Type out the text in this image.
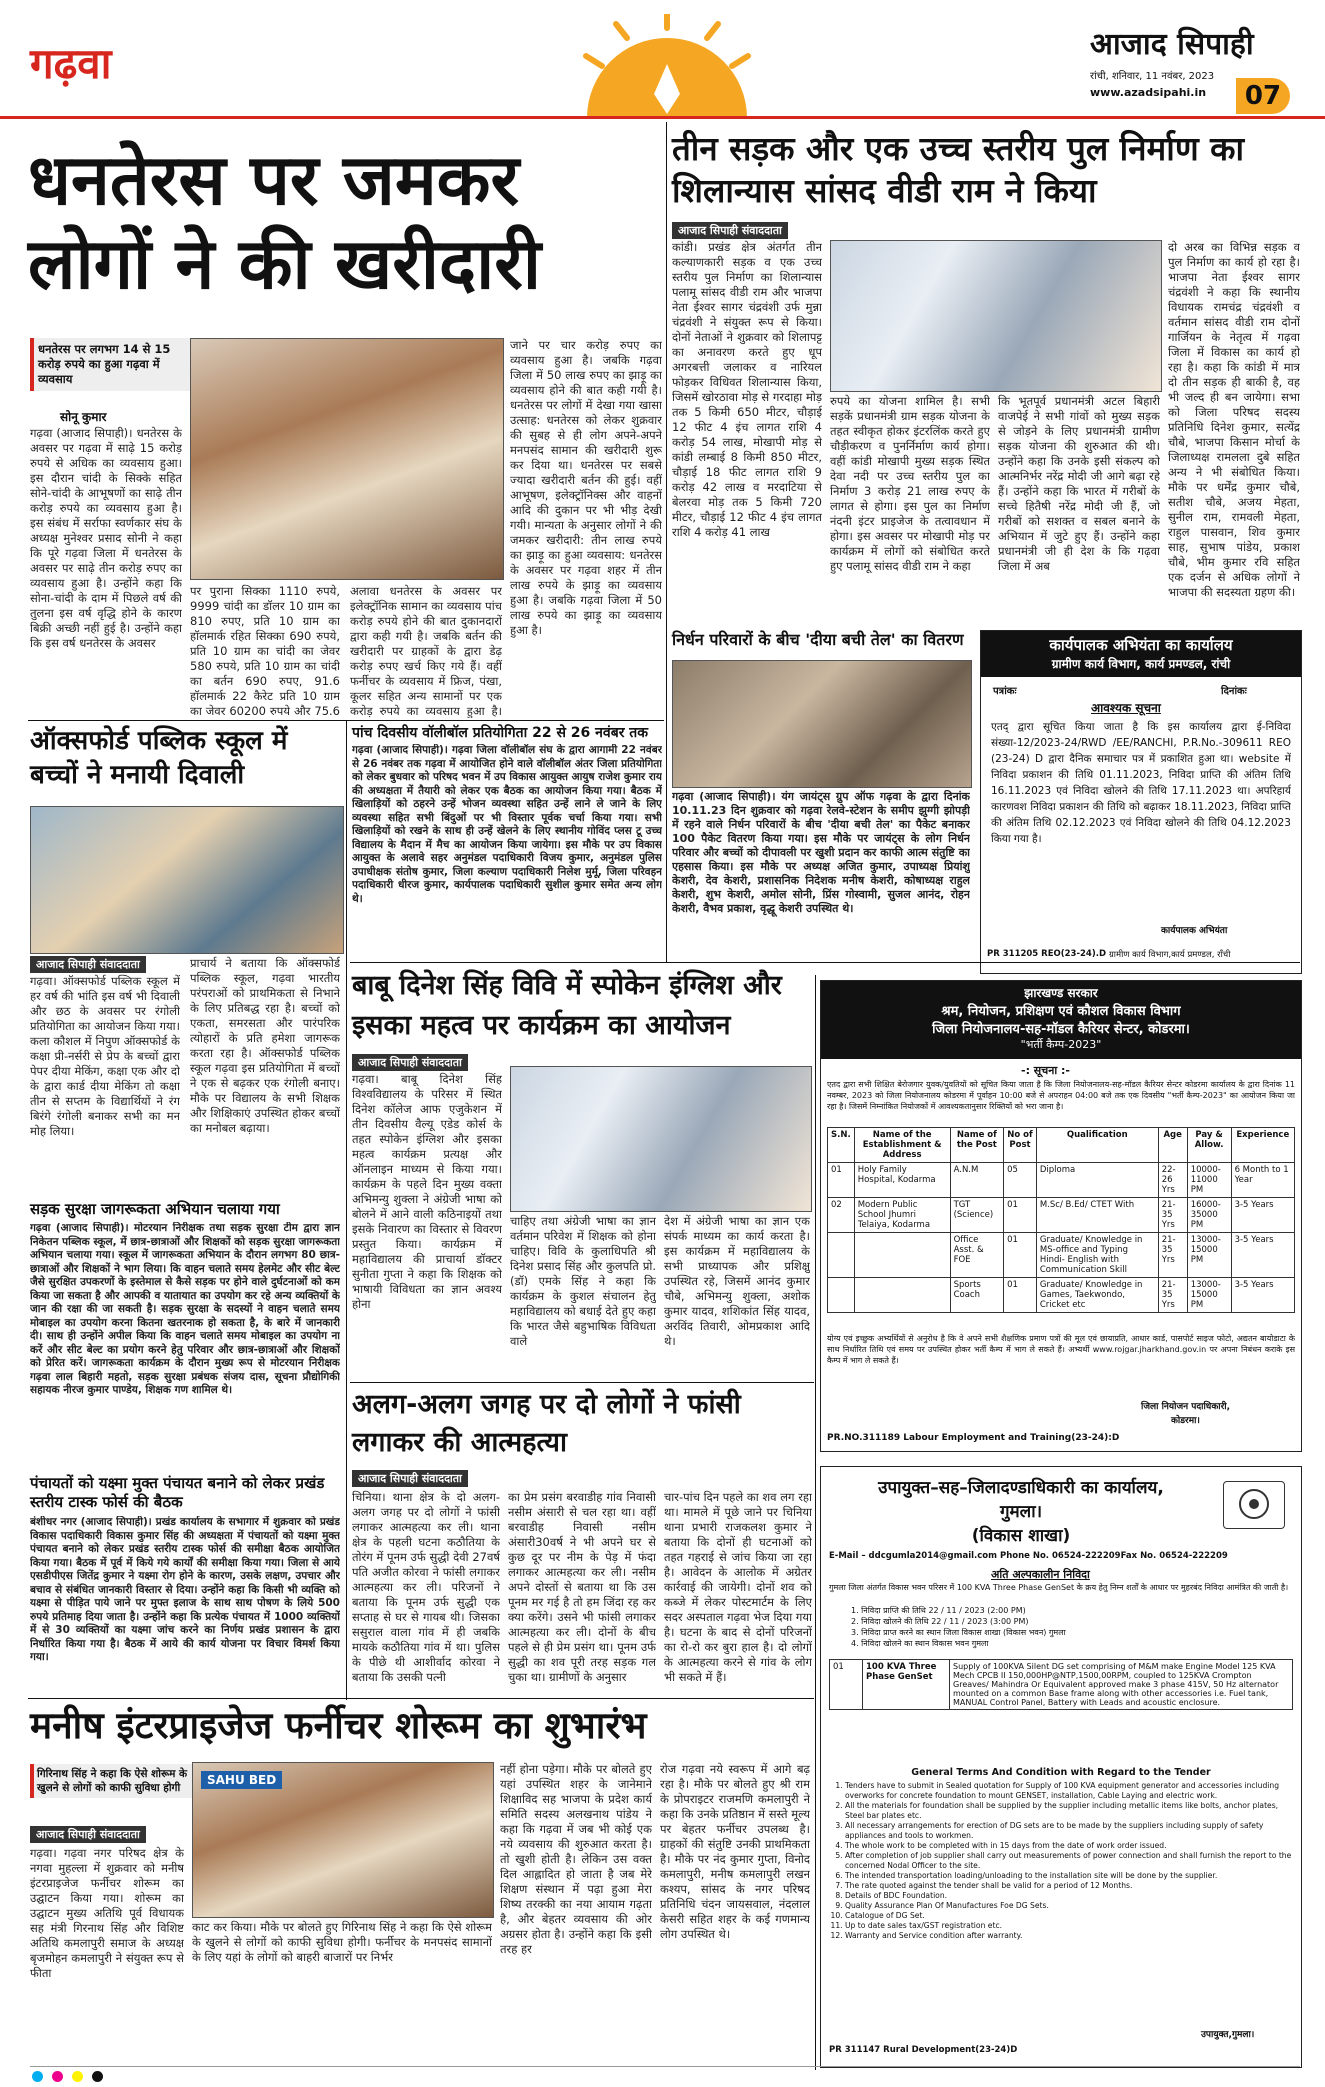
गढ़वा	आजाद सिपाही
रांची, शनिवार, 11 नवंबर, 2023
www.azadsipahi.in	07
धनतेरस पर जमकर लोगों ने की खरीदारी
धनतेरस पर लगभग 14 से 15 करोड़ रुपये का हुआ गढ़वा में व्यवसाय
सोनू कुमार
गढ़वा (आजाद सिपाही)। धनतेरस के अवसर पर गढ़वा में साढ़े 15 करोड़ रुपये से अधिक का व्यवसाय हुआ। इस दौरान चांदी के सिक्के सहित सोने-चांदी के आभूषणों का साढ़े तीन करोड़ रुपये का व्यवसाय हुआ है। इस संबंध में सर्राफा स्वर्णकार संघ के अध्यक्ष मुनेश्वर प्रसाद सोनी ने कहा कि पूरे गढ़वा जिला में धनतेरस के अवसर पर साढ़े तीन करोड़ रुपए का व्यवसाय हुआ है। उन्होंने कहा कि सोना-चांदी के दाम में पिछले वर्ष की तुलना इस वर्ष वृद्धि होने के कारण बिक्री अच्छी नहीं हुई है। उन्होंने कहा कि इस वर्ष धनतेरस के अवसर
पर पुराना सिक्का 1110 रुपये, 9999 चांदी का डॉलर 10 ग्राम का 810 रुपए, प्रति 10 ग्राम का हॉलमार्क रहित सिक्का 690 रुपये, प्रति 10 ग्राम का चांदी का जेवर 580 रुपये, प्रति 10 ग्राम का चांदी का बर्तन 690 रुपए, 91.6 हॉलमार्क 22 कैरेट प्रति 10 ग्राम का जेवर 60200 रुपये और 75.6
अलावा धनतेरस के अवसर पर इलेक्ट्रॉनिक सामान का व्यवसाय पांच करोड़ रुपये होने की बात दुकानदारों द्वारा कही गयी है। जबकि बर्तन की खरीदारी पर ग्राहकों के द्वारा डेढ़ करोड़ रुपए खर्च किए गये हैं। वहीं फर्नीचर के व्यवसाय में फ्रिज, पंखा, कूलर सहित अन्य सामानों पर एक करोड़ रुपये का व्यवसाय हुआ है।
जाने पर चार करोड़ रुपए का व्यवसाय हुआ है। जबकि गढ़वा जिला में 50 लाख रुपए का झाड़ू का व्यवसाय होने की बात कही गयी है। धनतेरस पर लोगों में देखा गया खासा उत्साह: धनतेरस को लेकर शुक्रवार की सुबह से ही लोग अपने-अपने मनपसंद सामान की खरीदारी शुरू कर दिया था। धनतेरस पर सबसे ज्यादा खरीदारी बर्तन की हुई। वहीं आभूषण, इलेक्ट्रॉनिक्स और वाहनों आदि की दुकान पर भी भीड़ देखी गयी। मान्यता के अनुसार लोगों ने की जमकर खरीदारी: तीन लाख रुपये का झाड़ू का हुआ व्यवसाय: धनतेरस के अवसर पर गढ़वा शहर में तीन लाख रुपये के झाड़ू का व्यवसाय हुआ है। जबकि गढ़वा जिला में 50 लाख रुपये का झाड़ू का व्यवसाय हुआ है।
तीन सड़क और एक उच्च स्तरीय पुल निर्माण का शिलान्यास सांसद वीडी राम ने किया
आजाद सिपाही संवाददाता
कांडी। प्रखंड क्षेत्र अंतर्गत तीन कल्याणकारी सड़क व एक उच्च स्तरीय पुल निर्माण का शिलान्यास पलामू सांसद वीडी राम और भाजपा नेता ईश्वर सागर चंद्रवंशी उर्फ मुन्ना चंद्रवंशी ने संयुक्त रूप से किया। दोनों नेताओं ने शुक्रवार को शिलापट्ट का अनावरण करते हुए धूप अगरबत्ती जलाकर व नारियल फोड़कर विधिवत शिलान्यास किया, जिसमें खोरठावा मोड़ से गरदाहा मोड़ तक 5 किमी 650 मीटर, चौड़ाई 12 फीट 4 इंच लागत राशि 4 करोड़ 54 लाख, मोखापी मोड़ से कांडी लम्बाई 8 किमी 850 मीटर, चौड़ाई 18 फीट लागत राशि 9 करोड़ 42 लाख व मरदाटिया से बेलरवा मोड़ तक 5 किमी 720 मीटर, चौड़ाई 12 फीट 4 इंच लागत राशि 4 करोड़ 41 लाख
रुपये का योजना शामिल है। सभी सड़कें प्रधानमंत्री ग्राम सड़क योजना के तहत स्वीकृत होकर इंटरलिंक करते हुए चौड़ीकरण व पुनर्निर्माण कार्य होगा। वहीं कांडी मोखापी मुख्य सड़क स्थित देवा नदी पर उच्च स्तरीय पुल का निर्माण 3 करोड़ 21 लाख रुपए के लागत से होगा। इस पुल का निर्माण नंदनी इंटर प्राइजेज के तत्वावधान में होगा। इस अवसर पर मोखापी मोड़ पर कार्यक्रम में लोगों को संबोधित करते हुए पलामू सांसद वीडी राम ने कहा
कि भूतपूर्व प्रधानमंत्री अटल बिहारी वाजपेई ने सभी गांवों को मुख्य सड़क से जोड़ने के लिए प्रधानमंत्री ग्रामीण सड़क योजना की शुरुआत की थी। उन्होंने कहा कि उनके इसी संकल्प को आत्मनिर्भर नरेंद्र मोदी जी आगे बढ़ा रहे हैं। उन्होंने कहा कि भारत में गरीबों के सच्चे हितैषी नरेंद्र मोदी जी हैं, जो गरीबों को सशक्त व सबल बनाने के अभियान में जुटे हुए हैं। उन्होंने कहा प्रधानमंत्री जी ही देश के कि गढ़वा जिला में अब
दो अरब का विभिन्न सड़क व पुल निर्माण का कार्य हो रहा है। भाजपा नेता ईश्वर सागर चंद्रवंशी ने कहा कि स्थानीय विधायक रामचंद्र चंद्रवंशी व वर्तमान सांसद वीडी राम दोनों गार्जियन के नेतृत्व में गढ़वा जिला में विकास का कार्य हो रहा है। कहा कि कांडी में मात्र दो तीन सड़क ही बाकी है, वह भी जल्द ही बन जायेगा। सभा को जिला परिषद सदस्य प्रतिनिधि दिनेश कुमार, सत्येंद्र चौबे, भाजपा किसान मोर्चा के जिलाध्यक्ष रामलला दुबे सहित अन्य ने भी संबोधित किया। मौके पर धर्मेंद्र कुमार चौबे, सतीश चौबे, अजय मेहता, सुनील राम, रामवली मेहता, राहुल पासवान, शिव कुमार साह, सुभाष पांडेय, प्रकाश चौबे, भीम कुमार रवि सहित एक दर्जन से अधिक लोगों ने भाजपा की सदस्यता ग्रहण की।
निर्धन परिवारों के बीच 'दीया बची तेल' का वितरण
गढ़वा (आजाद सिपाही)। यंग जायंट्स ग्रुप ऑफ गढ़वा के द्वारा दिनांक 10.11.23 दिन शुक्रवार को गढ़वा रेलवे-स्टेशन के समीप झुग्गी झोपड़ी में रहने वाले निर्धन परिवारों के बीच 'दीया बची तेल' का पैकेट बनाकर 100 पैकेट वितरण किया गया। इस मौके पर जायंट्स के लोग निर्धन परिवार और बच्चों को दीपावली पर खुशी प्रदान कर काफी आत्म संतुष्टि का एहसास किया। इस मौके पर अध्यक्ष अजित कुमार, उपाध्यक्ष प्रियांशु केशरी, देव केशरी, प्रशासनिक निदेशक मनीष केशरी, कोषाध्यक्ष राहुल केशरी, शुभ केशरी, अमोल सोनी, प्रिंस गोस्वामी, सुजल आनंद, रोहन केशरी, वैभव प्रकाश, वृद्धू केशरी उपस्थित थे।
कार्यपालक अभियंता का कार्यालय
ग्रामीण कार्य विभाग, कार्य प्रमण्डल, रांची
पत्रांकः	दिनांकः
आवश्यक सूचना
एतद् द्वारा सूचित किया जाता है कि इस कार्यालय द्वारा ई-निविदा संख्या-12/2023-24/RWD /EE/RANCHI, P.R.No.-309611 REO (23-24) D द्वारा दैनिक समाचार पत्र में प्रकाशित हुआ था। website में निविदा प्रकाशन की तिथि 01.11.2023, निविदा प्राप्ति की अंतिम तिथि 16.11.2023 एवं निविदा खोलने की तिथि 17.11.2023 था। अपरिहार्य कारणवश निविदा प्रकाशन की तिथि को बढ़ाकर 18.11.2023, निविदा प्राप्ति की अंतिम तिथि 02.12.2023 एवं निविदा खोलने की तिथि 04.12.2023 किया गया है।
कार्यपालक अभियंता
PR 311205 REO(23-24).D ग्रामीण कार्य विभाग,कार्य प्रमण्डल, राँची
ऑक्सफोर्ड पब्लिक स्कूल में बच्चों ने मनायी दिवाली
आजाद सिपाही संवाददाता
गढ़वा। ऑक्सफोर्ड पब्लिक स्कूल में हर वर्ष की भांति इस वर्ष भी दिवाली और छठ के अवसर पर रंगोली प्रतियोगिता का आयोजन किया गया। कला कौशल में निपुण ऑक्सफोर्ड के कक्षा प्री-नर्सरी से प्रेप के बच्चों द्वारा पेपर दीया मेकिंग, कक्षा एक और दो के द्वारा कार्ड दीया मेकिंग तो कक्षा तीन से सप्तम के विद्यार्थियों ने रंग बिरंगे रंगोली बनाकर सभी का मन मोह लिया।
प्राचार्य ने बताया कि ऑक्सफोर्ड पब्लिक स्कूल, गढ़वा भारतीय परंपराओं को प्राथमिकता से निभाने के लिए प्रतिबद्ध रहा है। बच्चों को एकता, समरसता और पारंपरिक त्योहारों के प्रति हमेशा जागरूक करता रहा है। ऑक्सफोर्ड पब्लिक स्कूल गढ़वा इस प्रतियोगिता में बच्चों ने एक से बढ़कर एक रंगोली बनाए। मौके पर विद्यालय के सभी शिक्षक और शिक्षिकाएं उपस्थित होकर बच्चों का मनोबल बढ़ाया।
पांच दिवसीय वॉलीबॉल प्रतियोगिता 22 से 26 नवंबर तक
गढ़वा (आजाद सिपाही)। गढ़वा जिला वॉलीबॉल संघ के द्वारा आगामी 22 नवंबर से 26 नवंबर तक गढ़वा में आयोजित होने वाले वॉलीबॉल अंतर जिला प्रतियोगिता को लेकर बुधवार को परिषद भवन में उप विकास आयुक्त आयुष राजेश कुमार राय की अध्यक्षता में तैयारी को लेकर एक बैठक का आयोजन किया गया। बैठक में खिलाड़ियों को ठहरने उन्हें भोजन व्यवस्था सहित उन्हें लाने ले जाने के लिए व्यवस्था सहित सभी बिंदुओं पर भी विस्तार पूर्वक चर्चा किया गया। सभी खिलाड़ियों को रखने के साथ ही उन्हें खेलने के लिए स्थानीय गोविंद प्लस टू उच्च विद्यालय के मैदान में मैच का आयोजन किया जायेगा। इस मौके पर उप विकास आयुक्त के अलावे सहर अनुमंडल पदाधिकारी विजय कुमार, अनुमंडल पुलिस उपाधीक्षक संतोष कुमार, जिला कल्याण पदाधिकारी निलेश मुर्मू, जिला परिवहन पदाधिकारी धीरज कुमार, कार्यपालक पदाधिकारी सुशील कुमार समेत अन्य लोग थे।
बाबू दिनेश सिंह विवि में स्पोकेन इंग्लिश और इसका महत्व पर कार्यक्रम का आयोजन
आजाद सिपाही संवाददाता
गढ़वा। बाबू दिनेश सिंह विश्वविद्यालय के परिसर में स्थित दिनेश कॉलेज आफ एजुकेशन में तीन दिवसीय वैल्यू एडेड कोर्स के तहत स्पोकेन इंग्लिश और इसका महत्व कार्यक्रम प्रत्यक्ष और ऑनलाइन माध्यम से किया गया। कार्यक्रम के पहले दिन मुख्य वक्ता अभिमन्यु शुक्ला ने अंग्रेजी भाषा को बोलने में आने वाली कठिनाइयों तथा इसके निवारण का विस्तार से विवरण प्रस्तुत किया। कार्यक्रम में महाविद्यालय की प्राचार्या डॉक्टर सुनीता गुप्ता ने कहा कि शिक्षक को भाषायी विविधता का ज्ञान अवश्य होना
चाहिए तथा अंग्रेजी भाषा का ज्ञान वर्तमान परिवेश में शिक्षक को होना चाहिए। विवि के कुलाधिपति श्री दिनेश प्रसाद सिंह और कुलपति प्रो.(डॉ) एमके सिंह ने कहा कि कार्यक्रम के कुशल संचालन हेतु महाविद्यालय को बधाई देते हुए कहा कि भारत जैसे बहुभाषिक विविधता वाले
देश में अंग्रेजी भाषा का ज्ञान एक संपर्क माध्यम का कार्य करता है। इस कार्यक्रम में महाविद्यालय के सभी प्राध्यापक और प्रशिक्षु उपस्थित रहे, जिसमें आनंद कुमार चौबे, अभिमन्यु शुक्ला, अशोक कुमार यादव, शशिकांत सिंह यादव, अरविंद तिवारी, ओमप्रकाश आदि थे।
सड़क सुरक्षा जागरूकता अभियान चलाया गया
गढ़वा (आजाद सिपाही)। मोटरयान निरीक्षक तथा सड़क सुरक्षा टीम द्वारा ज्ञान निकेतन पब्लिक स्कूल, में छात्र-छात्राओं और शिक्षकों को सड़क सुरक्षा जागरूकता अभियान चलाया गया। स्कूल में जागरूकता अभियान के दौरान लगभग 80 छात्र-छात्राओं और शिक्षकों ने भाग लिया। कि वाहन चलाते समय हेलमेट और सीट बेल्ट जैसे सुरक्षित उपकरणों के इस्तेमाल से कैसे सड़क पर होने वाले दुर्घटनाओं को कम किया जा सकता है और आपकी व यातायात का उपयोग कर रहे अन्य व्यक्तियों के जान की रक्षा की जा सकती है। सड़क सुरक्षा के सदस्यों ने वाहन चलाते समय मोबाइल का उपयोग करना कितना खतरनाक हो सकता है, के बारे में जानकारी दी। साथ ही उन्होंने अपील किया कि वाहन चलाते समय मोबाइल का उपयोग ना करें और सीट बेल्ट का प्रयोग करने हेतु परिवार और छात्र-छात्राओं और शिक्षकों को प्रेरित करें। जागरूकता कार्यक्रम के दौरान मुख्य रूप से मोटरयान निरीक्षक गढ़वा लाल बिहारी महतो, सड़क सुरक्षा प्रबंधक संजय दास, सूचना प्रौद्योगिकी सहायक नीरज कुमार पाण्डेय, शिक्षक गण शामिल थे।
पंचायतों को यक्ष्मा मुक्त पंचायत बनाने को लेकर प्रखंड स्तरीय टास्क फोर्स की बैठक
बंशीधर नगर (आजाद सिपाही)। प्रखंड कार्यालय के सभागार में शुक्रवार को प्रखंड विकास पदाधिकारी विकास कुमार सिंह की अध्यक्षता में पंचायतों को यक्ष्मा मुक्त पंचायत बनाने को लेकर प्रखंड स्तरीय टास्क फोर्स की समीक्षा बैठक आयोजित किया गया। बैठक में पूर्व में किये गये कार्यों की समीक्षा किया गया। जिला से आये एसडीपीएस जितेंद्र कुमार ने यक्ष्मा रोग होने के कारण, उसके लक्षण, उपचार और बचाव से संबंधित जानकारी विस्तार से दिया। उन्होंने कहा कि किसी भी व्यक्ति को यक्ष्मा से पीड़ित पाये जाने पर मुफ्त इलाज के साथ साथ पोषण के लिये 500 रुपये प्रतिमाह दिया जाता है। उन्होंने कहा कि प्रत्येक पंचायत में 1000 व्यक्तियों में से 30 व्यक्तियों का यक्ष्मा जांच करने का निर्णय प्रखंड प्रशासन के द्वारा निर्धारित किया गया है। बैठक में आये की कार्य योजना पर विचार विमर्श किया गया।
अलग-अलग जगह पर दो लोगों ने फांसी लगाकर की आत्महत्या
आजाद सिपाही संवाददाता
चिनिया। थाना क्षेत्र के दो अलग-अलग जगह पर दो लोगों ने फांसी लगाकर आत्महत्या कर ली। थाना क्षेत्र के पहली घटना कठौतिया के तोरंग में पूनम उर्फ सुद्धी देवी 27वर्ष पति अजीत कोरवा ने फांसी लगाकर आत्महत्या कर ली। परिजनों ने बताया कि पूनम उर्फ सुद्धी एक सप्ताह से घर से गायब थी। जिसका ससुराल वाला गांव में ही जबकि मायके कठौतिया गांव में था। पुलिस के पीछे थी आशीर्वाद कोरवा ने बताया कि उसकी पत्नी
का प्रेम प्रसंग बरवाडीह गांव निवासी नसीम अंसारी से चल रहा था। वहीं बरवाडीह निवासी नसीम अंसारी30वर्ष ने भी अपने घर से कुछ दूर पर नीम के पेड़ में फंदा लगाकर आत्महत्या कर ली। नसीम अपने दोस्तों से बताया था कि उस पूनम मर गई है तो हम जिंदा रह कर क्या करेंगे। उसने भी फांसी लगाकर आत्महत्या कर ली। दोनों के बीच पहले से ही प्रेम प्रसंग था। पूनम उर्फ सुद्धी का शव पूरी तरह सड़क गल चुका था। ग्रामीणों के अनुसार
चार-पांच दिन पहले का शव लग रहा था। मामले में पूछे जाने पर चिनिया थाना प्रभारी राजकलश कुमार ने बताया कि दोनों ही घटनाओं को तहत गहराई से जांच किया जा रहा है। आवेदन के आलोक में अग्रेतर कार्रवाई की जायेगी। दोनों शव को कब्जे में लेकर पोस्टमार्टम के लिए सदर अस्पताल गढ़वा भेज दिया गया है। घटना के बाद से दोनों परिजनों का रो-रो कर बुरा हाल है। दो लोगों के आत्महत्या करने से गांव के लोग भी सकते में हैं।
झारखण्ड सरकार
श्रम, नियोजन, प्रशिक्षण एवं कौशल विकास विभाग
जिला नियोजनालय-सह-मॉडल कैरियर सेन्टर, कोडरमा।
"भर्ती कैम्प-2023"
-: सूचना :-
एतद द्वारा सभी शिक्षित बेरोजगार युवक/युवतियों को सूचित किया जाता है कि जिला नियोजनालय-सह-मॉडल कैरियर सेन्टर कोडरमा कार्यालय के द्वारा दिनांक 11 नवम्बर, 2023 को जिला नियोजनालय कोडरमा में पूर्वाहन 10:00 बजे से अपराहन 04:00 बजे तक एक दिवसीय "भर्ती कैम्प-2023" का आयोजन किया जा रहा है। जिसमें निम्नांकित नियोजकों में आवश्यकतानुसार रिक्तियों को भरा जाना है।
S.N.	Name of the Establishment & Address	Name of the Post	No of Post	Qualification	Age	Pay & Allow.	Experience
01	Holy Family Hospital, Kodarma	A.N.M	05	Diploma	22-26 Yrs	10000-11000 PM	6 Month to 1 Year
02	Modern Public School Jhumri Telaiya, Kodarma	TGT (Science)	01	M.Sc/ B.Ed/ CTET With	21-35 Yrs	16000-35000 PM	3-5 Years
		Office Asst. & FOE	01	Graduate/ Knowledge in MS-office and Typing Hindi- English with Communication Skill	21-35 Yrs	13000-15000 PM	3-5 Years
		Sports Coach	01	Graduate/ Knowledge in Games, Taekwondo, Cricket etc	21-35 Yrs	13000-15000 PM	3-5 Years
योग्य एवं इच्छुक अभ्यर्थियों से अनुरोध है कि वे अपने सभी शैक्षणिक प्रमाण पत्रों की मूल एवं छायाप्रति, आधार कार्ड, पासपोर्ट साइज फोटो, अद्यतन बायोडाटा के साथ निर्धारित तिथि एवं समय पर उपस्थित होकर भर्ती कैम्प में भाग ले सकते हैं। अभ्यर्थी www.rojgar.jharkhand.gov.in पर अपना निबंधन कराके इस कैम्प में भाग ले सकते हैं।
जिला नियोजन पदाधिकारी,
कोडरमा।
PR.NO.311189 Labour Employment and Training(23-24):D
मनीष इंटरप्राइजेज फर्नीचर शोरूम का शुभारंभ
गिरिनाथ सिंह ने कहा कि ऐसे शोरूम के खुलने से लोगों को काफी सुविधा होगी
आजाद सिपाही संवाददाता
गढ़वा। गढ़वा नगर परिषद क्षेत्र के नगवा मुहल्ला में शुक्रवार को मनीष इंटरप्राइजेज फर्नीचर शोरूम का उद्घाटन किया गया। शोरूम का उद्घाटन मुख्य अतिथि पूर्व विधायक सह मंत्री गिरनाथ सिंह और विशिष्ट अतिथि कमलापुरी समाज के अध्यक्ष बृजमोहन कमलापुरी ने संयुक्त रूप से फीता
SAHU BED
काट कर किया। मौके पर बोलते हुए गिरिनाथ सिंह ने कहा कि ऐसे शोरूम के खुलने से लोगों को काफी सुविधा होगी। फर्नीचर के मनपसंद सामानों के लिए यहां के लोगों को बाहरी बाजारों पर निर्भर
नहीं होना पड़ेगा। मौके पर बोलते हुए यहां उपस्थित शहर के जानेमाने शिक्षाविद सह भाजपा के प्रदेश कार्य समिति सदस्य अलखनाथ पांडेय ने कहा कि गढ़वा में जब भी कोई एक नये व्यवसाय की शुरुआत करता है। तो खुशी होती है। लेकिन उस वक्त दिल आह्लादित हो जाता है जब मेरे शिक्षण संस्थान में पढ़ा हुआ मेरा शिष्य तरक्की का नया आयाम गढ़ता है, और बेहतर व्यवसाय की ओर अग्रसर होता है। उन्होंने कहा कि इसी तरह हर
रोज गढ़वा नये स्वरूप में आगे बढ़ रहा है। मौके पर बोलते हुए श्री राम के प्रोपराइटर राजमणि कमलापुरी ने कहा कि उनके प्रतिष्ठान में सस्ते मूल्य पर बेहतर फर्नीचर उपलब्ध है। ग्राहकों की संतुष्टि उनकी प्राथमिकता है। मौके पर नंद कुमार गुप्ता, विनोद कमलापुरी, मनीष कमलापुरी लखन कश्यप, सांसद के नगर परिषद प्रतिनिधि चंदन जायसवाल, नंदलाल केसरी सहित शहर के कई गणमान्य लोग उपस्थित थे।
उपायुक्त–सह–जिलादण्डाधिकारी का कार्यालय,
गुमला।
(विकास शाखा)
E-Mail – ddcgumla2014@gmail.com Phone No. 06524-222209Fax No. 06524-222209
अति अल्पकालीन निविदा
गुमला जिला अंतर्गत विकास भवन परिसर में 100 KVA Three Phase GenSet के क्रय हेतु निम्न शर्तों के आधार पर मुहरबंद निविदा आमंत्रित की जाती है।
1. निविदा प्राप्ति की तिथि 22 / 11 / 2023 (2:00 PM)
2. निविदा खोलने की तिथि 22 / 11 / 2023 (3:00 PM)
3. निविदा प्राप्त करने का स्थान जिला विकास शाखा (विकास भवन) गुमला
4. निविदा खोलने का स्थान विकास भवन गुमला
01	100 KVA Three Phase GenSet	Supply of 100KVA Silent DG set comprising of M&M make Engine Model 125 KVA Mech CPCB II 150,000HP@NTP,1500,00RPM, coupled to 125KVA Crompton Greaves/ Mahindra Or Equivalent approved make 3 phase 415V, 50 Hz alternator mounted on a common Base frame along with other accessories i.e. Fuel tank, MANUAL Control Panel, Battery with Leads and acoustic enclosure.
General Terms And Condition with Regard to the Tender
1. Tenders have to submit in Sealed quotation for Supply of 100 KVA equipment generator and accessories including overworks for concrete foundation to mount GENSET, installation, Cable Laying and electric work.
2. All the materials for foundation shall be supplied by the supplier including metallic items like bolts, anchor plates, Steel bar plates etc.
3. All necessary arrangements for erection of DG sets are to be made by the suppliers including supply of safety appliances and tools to workmen.
4. The whole work to be completed with in 15 days from the date of work order issued.
5. After completion of job supplier shall carry out measurements of power connection and shall furnish the report to the concerned Nodal Officer to the site.
6. The intended transportation loading/unloading to the installation site will be done by the supplier.
7. The rate quoted against the tender shall be valid for a period of 12 Months.
8. Details of BDC Foundation.
9. Quality Assurance Plan Of Manufactures Foe DG Sets.
10. Catalogue of DG Set.
11. Up to date sales tax/GST registration etc.
12. Warranty and Service condition after warranty.
उपायुक्त,गुमला।
PR 311147 Rural Development(23-24)D
